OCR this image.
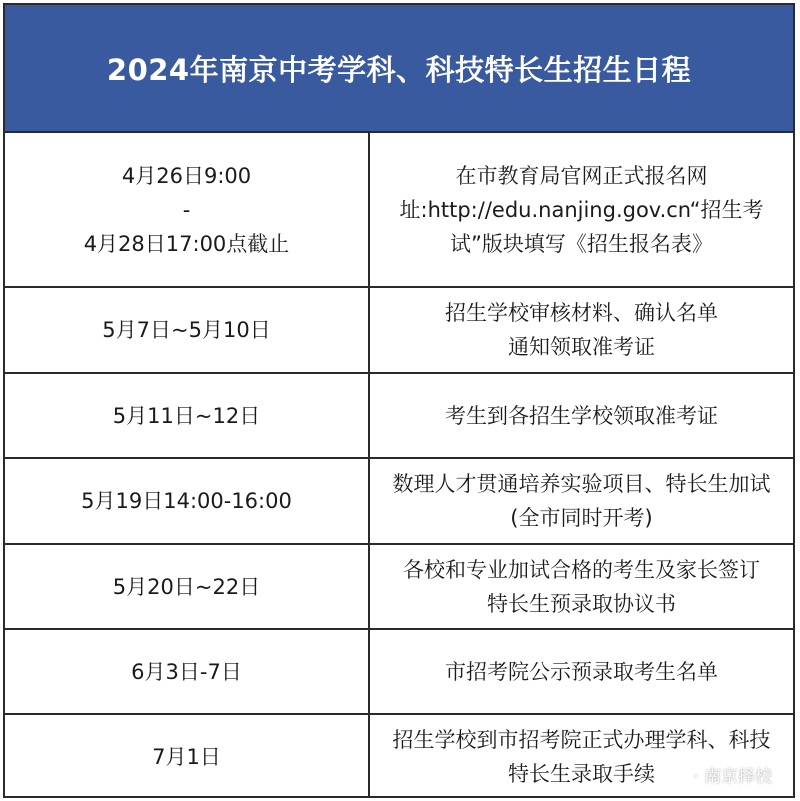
2024年南京中考学科、科技特长生招生日程
4月26日9:00
-
4月28日17:00点截止	在市教育局官网正式报名网
址:http://edu.nanjing.gov.cn“招生考
试”版块填写《招生报名表》

5月7日~5月10日	招生学校审核材料、确认名单
通知领取准考证

5月11日~12日	考生到各招生学校领取准考证

5月19日14:00-16:00	数理人才贯通培养实验项目、特长生加试
(全市同时开考)

5月20日~22日	各校和专业加试合格的考生及家长签订
特长生预录取协议书

6月3日-7日	市招考院公示预录取考生名单

7月1日	招生学校到市招考院正式办理学科、科技
特长生录取手续	· 南京择校
